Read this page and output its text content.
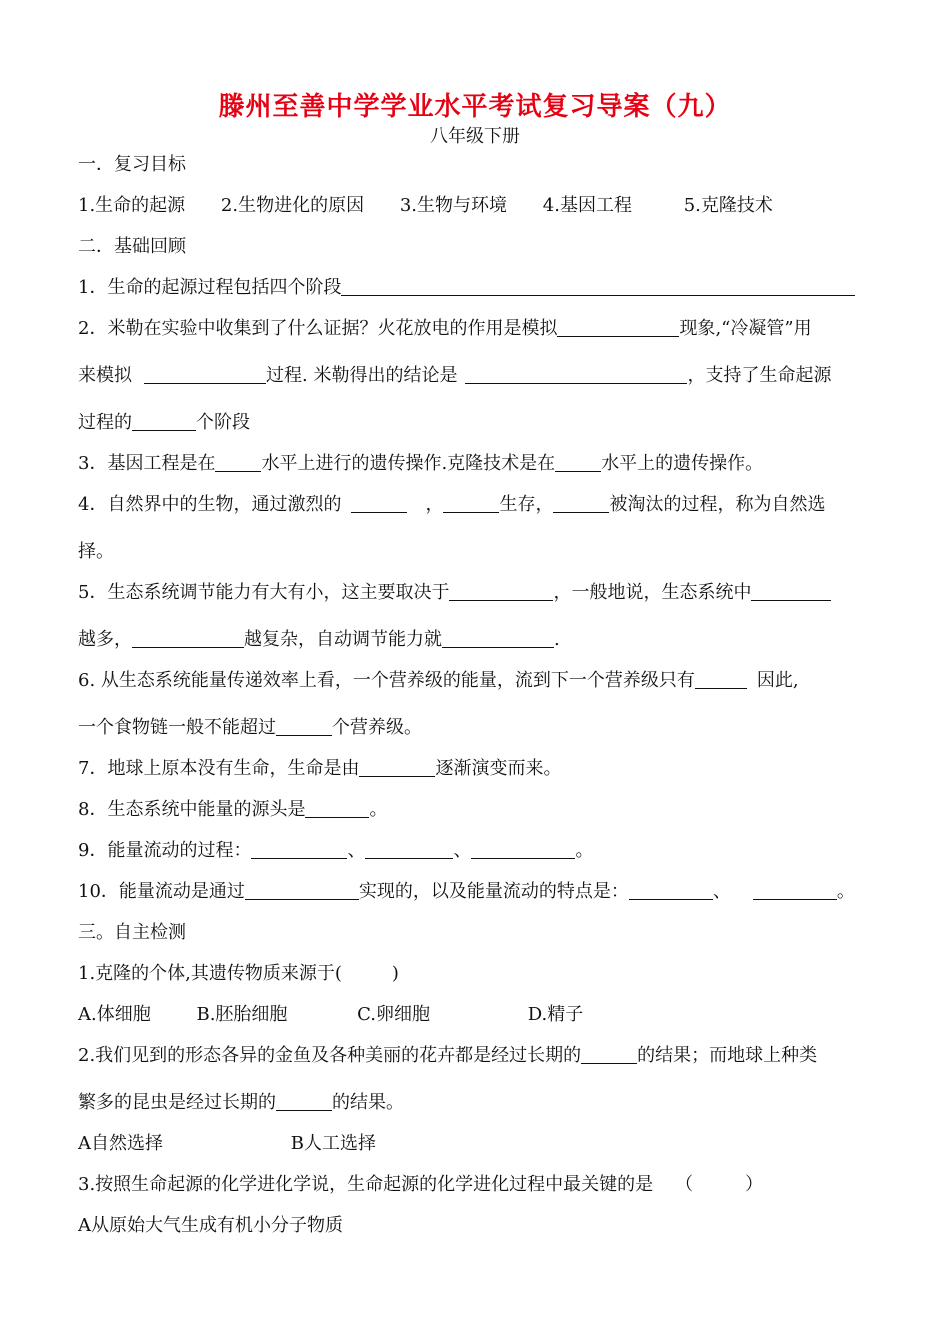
滕州至善中学学业水平考试复习导案（九）
八年级下册
一．复习目标
1.生命的起源 2.生物进化的原因 3.生物与环境 4.基因工程	5.克隆技术
二．基础回顾
1．生命的起源过程包括四个阶段
2．米勒在实验中收集到了什么证据？火花放电的作用是模拟	现象,“冷凝管”用
来模拟	过程. 米勒得出的结论是	，支持了生命起源
过程的	个阶段
3．基因工程是在	水平上进行的遗传操作.克隆技术是在	水平上的遗传操作。
4．自然界中的生物，通过激烈的	，	生存，	被淘汰的过程，称为自然选
择。
5．生态系统调节能力有大有小，这主要取决于	，一般地说，生态系统中
越多，	越复杂，自动调节能力就	.
6. 从生态系统能量传递效率上看，一个营养级的能量，流到下一个营养级只有	因此,
一个食物链一般不能超过	个营养级。
7．地球上原本没有生命，生命是由	逐渐演变而来。
8．生态系统中能量的源头是	。
9．能量流动的过程：	、	、	。
10．能量流动是通过	实现的，以及能量流动的特点是：	、	。
三。自主检测
1.克隆的个体,其遗传物质来源于(	)
A.体细胞	B.胚胎细胞	C.卵细胞	D.精子
2.我们见到的形态各异的金鱼及各种美丽的花卉都是经过长期的	的结果；而地球上种类
繁多的昆虫是经过长期的	的结果。
A自然选择	B人工选择
3.按照生命起源的化学进化学说，生命起源的化学进化过程中最关键的是 （	）
A从原始大气生成有机小分子物质
